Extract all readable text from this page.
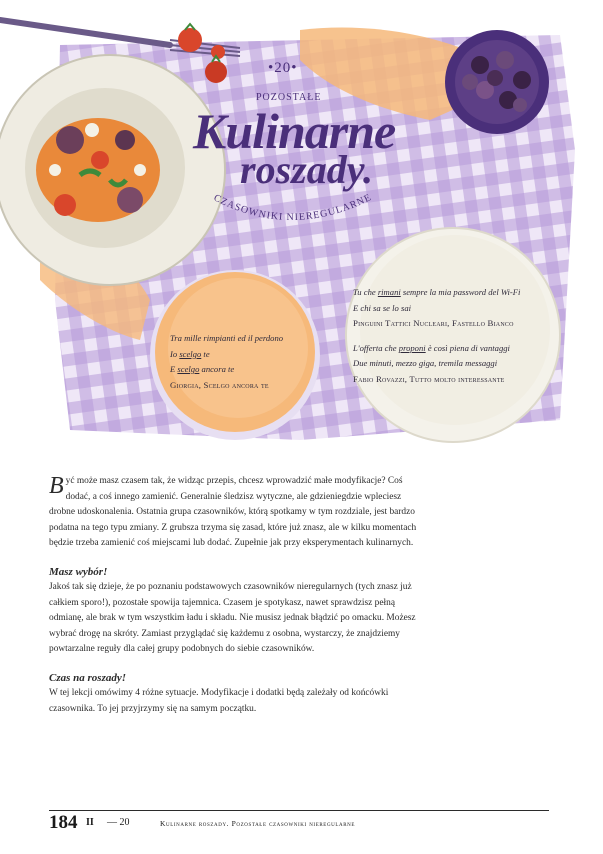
CZASOWNIKI NIEREGULARNE
•20•
POZOSTAŁE
Kulinarne
roszady.
Tra mille rimpianti ed il perdono
Io scelgo te
E scelgo ancora te
Giorgia, Scelgo ancora te
Tu che rimani sempre la mia password del Wi-Fi
E chi sa se lo sai
Pinguini Tattici Nucleari, Fastello Bianco
L'offerta che proponi è così piena di vantaggi
Due minuti, mezzo giga, tremila messaggi
Fabio Rovazzi, Tutto molto interessante

Być może masz czasem tak, że widząc przepis, chcesz wprowadzić małe modyfikacje? Coś dodać, a coś innego zamienić. Generalnie śledzisz wytyczne, ale gdzieniegdzie wpleciesz drobne udoskonalenia. Ostatnia grupa czasowników, którą spotkamy w tym rozdziale, jest bardzo podatna na tego typu zmiany. Z grubsza trzyma się zasad, które już znasz, ale w kilku momentach będzie trzeba zamienić coś miejscami lub dodać. Zupełnie jak przy eksperymentach kulinarnych.

Masz wybór!

Jakoś tak się dzieje, że po poznaniu podstawowych czasowników nieregularnych (tych znasz już całkiem sporo!), pozostałe spowija tajemnica. Czasem je spotykasz, nawet sprawdzisz pełną odmianę, ale brak w tym wszystkim ładu i składu. Nie musisz jednak błądzić po omacku. Możesz wybrać drogę na skróty. Zamiast przyglądać się każdemu z osobna, wystarczy, że znajdziemy powtarzalne reguły dla całej grupy podobnych do siebie czasowników.

Czas na roszady!

W tej lekcji omówimy 4 różne sytuacje. Modyfikacje i dodatki będą zależały od końcówki czasownika. To jej przyjrzymy się na samym początku.

184 II — 20	Kulinarne roszady. Pozostałe czasowniki nieregularne
